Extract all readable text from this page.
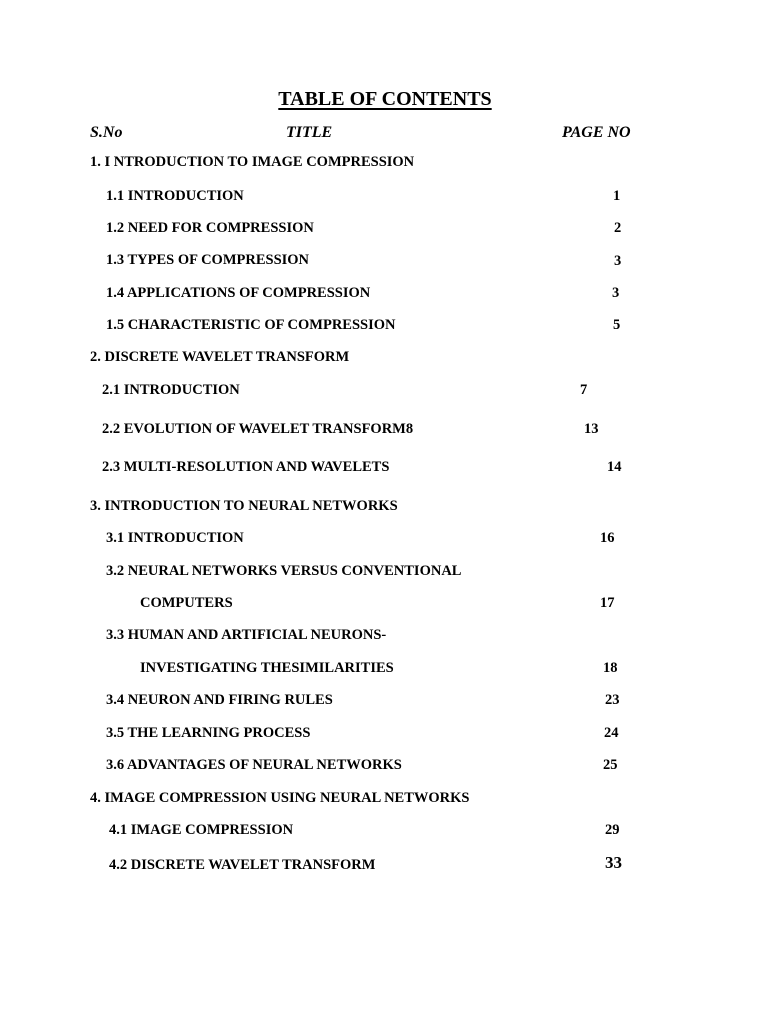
TABLE OF CONTENTS
S.No	TITLE	PAGE NO
1. I NTRODUCTION TO IMAGE COMPRESSION
1.1 INTRODUCTION	1
1.2 NEED FOR COMPRESSION	2
1.3 TYPES OF COMPRESSION	3
1.4 APPLICATIONS OF COMPRESSION	3
1.5 CHARACTERISTIC OF COMPRESSION	5
2. DISCRETE WAVELET TRANSFORM
2.1 INTRODUCTION	7
2.2 EVOLUTION OF WAVELET TRANSFORM8	13
2.3 MULTI-RESOLUTION AND WAVELETS	14
3. INTRODUCTION TO NEURAL NETWORKS
3.1 INTRODUCTION	16
3.2 NEURAL NETWORKS VERSUS CONVENTIONAL
COMPUTERS	17
3.3 HUMAN AND ARTIFICIAL NEURONS-
INVESTIGATING THESIMILARITIES	18
3.4 NEURON AND FIRING RULES	23
3.5 THE LEARNING PROCESS	24
3.6 ADVANTAGES OF NEURAL NETWORKS	25
4. IMAGE COMPRESSION USING NEURAL NETWORKS
4.1 IMAGE COMPRESSION	29
4.2 DISCRETE WAVELET TRANSFORM	33
